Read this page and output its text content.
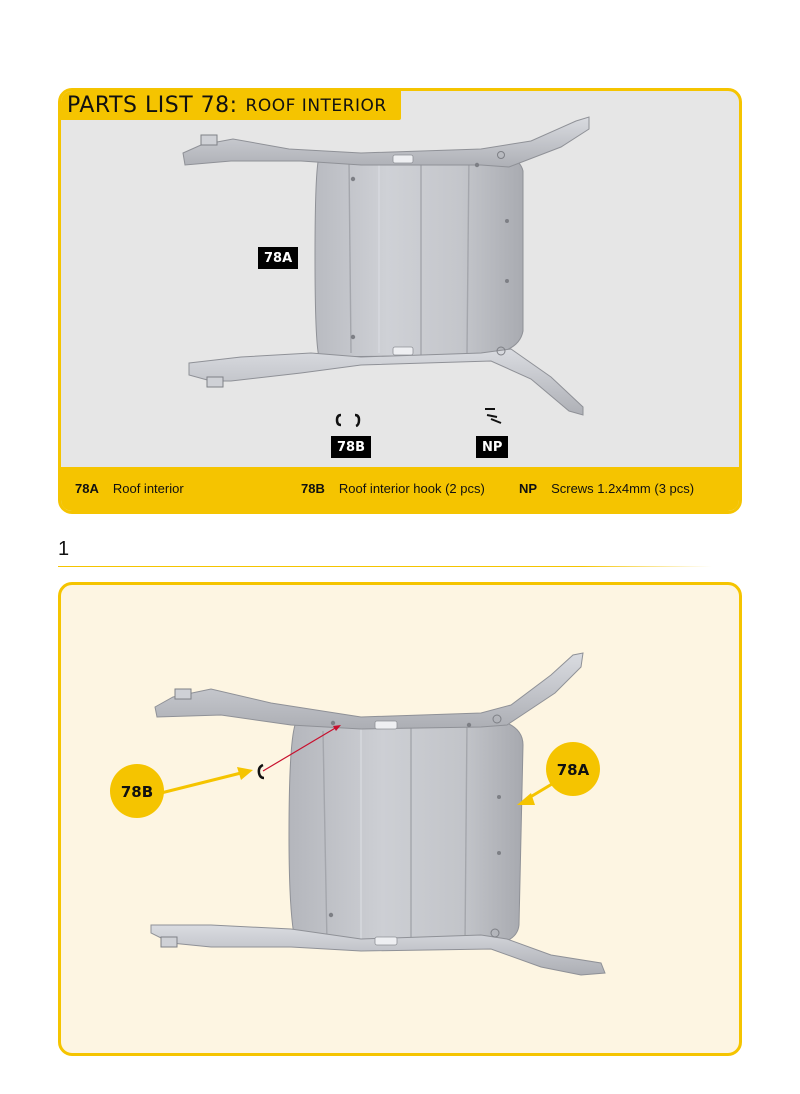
PARTS LIST 78: ROOF INTERIOR
78A
78B	NP
78A Roof interior	78B Roof interior hook (2 pcs)	NP Screws 1.2x4mm (3 pcs)
1
78B
78A
